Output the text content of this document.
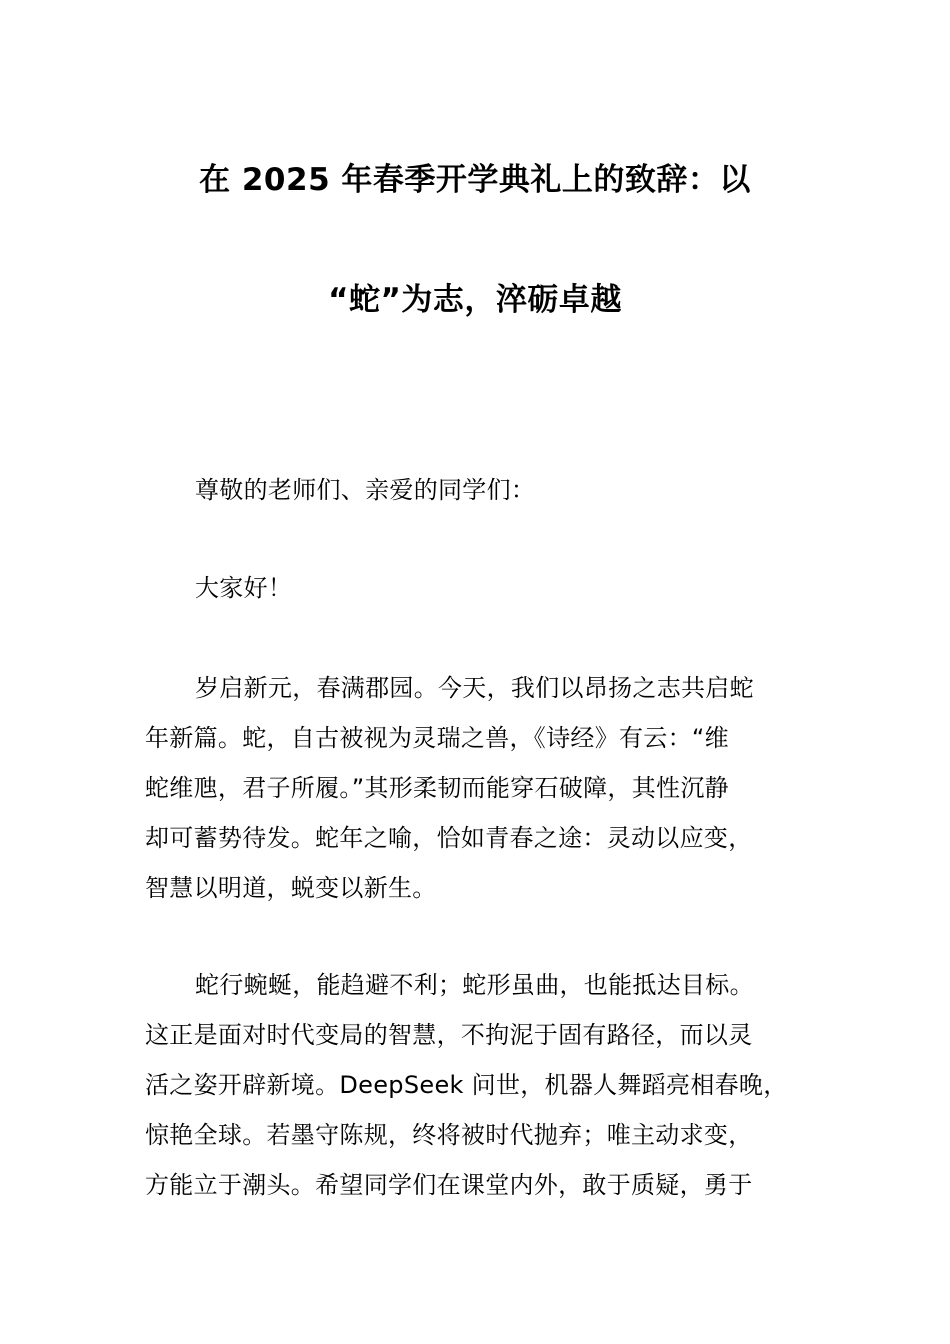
在 2025 年春季开学典礼上的致辞：以
“蛇”为志，淬砺卓越
尊敬的老师们、亲爱的同学们：
大家好！
岁启新元，春满郡园。今天，我们以昂扬之志共启蛇
年新篇。蛇，自古被视为灵瑞之兽，《诗经》有云：“维
蛇维虺，君子所履。”其形柔韧而能穿石破障，其性沉静
却可蓄势待发。蛇年之喻，恰如青春之途：灵动以应变，
智慧以明道，蜕变以新生。
蛇行蜿蜒，能趋避不利；蛇形虽曲，也能抵达目标。
这正是面对时代变局的智慧，不拘泥于固有路径，而以灵
活之姿开辟新境。DeepSeek 问世，机器人舞蹈亮相春晚，
惊艳全球。若墨守陈规，终将被时代抛弃；唯主动求变，
方能立于潮头。希望同学们在课堂内外，敢于质疑，勇于
